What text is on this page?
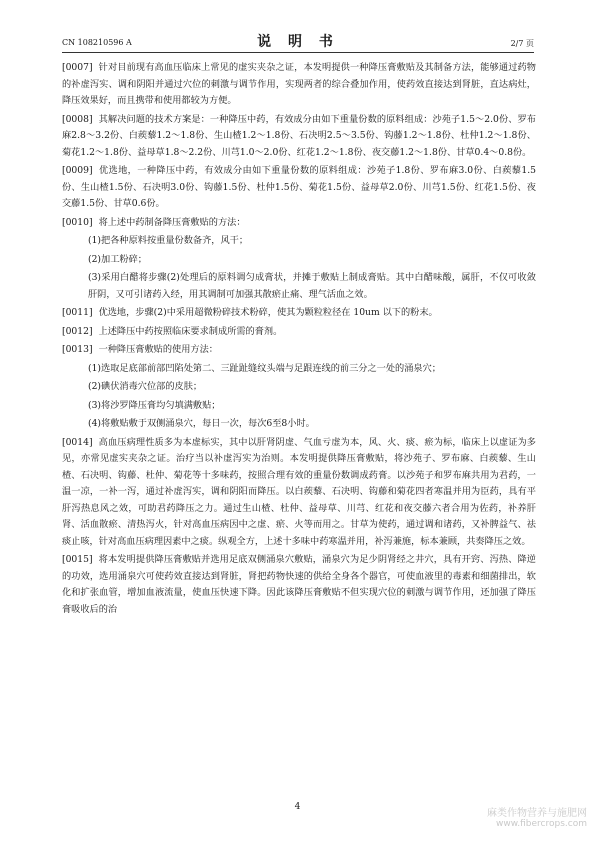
CN 108210596 A	说 明 书	2/7 页

[0007] 针对目前现有高血压临床上常见的虚实夹杂之证，本发明提供一种降压膏敷贴及其制备方法，能够通过药物的补虚泻实、调和阴阳并通过穴位的刺激与调节作用，实现两者的综合叠加作用，使药效直接达到肾脏，直达病灶，降压效果好，而且携带和使用都较为方便。

[0008] 其解决问题的技术方案是：一种降压中药，有效成分由如下重量份数的原料组成：沙苑子1.5～2.0份、罗布麻2.8～3.2份、白蒺藜1.2～1.8份、生山楂1.2～1.8份、石决明2.5～3.5份、钩藤1.2～1.8份、杜仲1.2～1.8份、菊花1.2～1.8份、益母草1.8～2.2份、川芎1.0～2.0份、红花1.2～1.8份、夜交藤1.2～1.8份、甘草0.4～0.8份。

[0009] 优选地，一种降压中药，有效成分由如下重量份数的原料组成：沙苑子1.8份、罗布麻3.0份、白蒺藜1.5份、生山楂1.5份、石决明3.0份、钩藤1.5份、杜仲1.5份、菊花1.5份、益母草2.0份、川芎1.5份、红花1.5份、夜交藤1.5份、甘草0.6份。

[0010] 将上述中药制备降压膏敷贴的方法：

(1)把各种原料按重量份数备齐，风干；

(2)加工粉碎；

(3)采用白醋将步骤(2)处理后的原料调匀成膏状，并摊于敷贴上制成膏贴。其中白醋味酸，属肝，不仅可收敛肝阴，又可引诸药入经，用其调制可加强其散瘀止痛、理气活血之效。

[0011] 优选地，步骤(2)中采用超微粉碎技术粉碎，使其为颗粒粒径在 10um 以下的粉末。

[0012] 上述降压中药按照临床要求制成所需的膏剂。

[0013] 一种降压膏敷贴的使用方法：

(1)选取足底部前部凹陷处第二、三趾趾缝纹头端与足跟连线的前三分之一处的涌泉穴；

(2)碘伏消毒穴位部的皮肤；

(3)将沙罗降压膏均匀填满敷贴；

(4)将敷贴敷于双侧涌泉穴，每日一次，每次6至8小时。

[0014] 高血压病理性质多为本虚标实，其中以肝肾阴虚、气血亏虚为本，风、火、痰、瘀为标，临床上以虚证为多见，亦常见虚实夹杂之证。治疗当以补虚泻实为治则。本发明提供降压膏敷贴，将沙苑子、罗布麻、白蒺藜、生山楂、石决明、钩藤、杜仲、菊花等十多味药，按照合理有效的重量份数调成药膏。以沙苑子和罗布麻共用为君药，一温一凉，一补一泻，通过补虚泻实，调和阴阳而降压。以白蒺藜、石决明、钩藤和菊花四者寒温并用为臣药，具有平肝泻热息风之效，可助君药降压之力。通过生山楂、杜仲、益母草、川芎、红花和夜交藤六者合用为佐药，补养肝肾、活血散瘀、清热泻火，针对高血压病因中之虚、瘀、火等而用之。甘草为使药，通过调和诸药，又补脾益气、祛痰止咳，针对高血压病理因素中之痰。纵观全方，上述十多味中药寒温并用，补泻兼施，标本兼顾，共奏降压之效。

[0015] 将本发明提供降压膏敷贴并选用足底双侧涌泉穴敷贴，涌泉穴为足少阴肾经之井穴，具有开窍、泻热、降逆的功效，选用涌泉穴可使药效直接达到肾脏，肾把药物快速的供给全身各个器官，可使血液里的毒素和细菌排出，软化和扩张血管，增加血液流量，使血压快速下降。因此该降压膏敷贴不但实现穴位的刺激与调节作用，还加强了降压膏吸收后的治

4
麻类作物营养与施肥网
www.fibercrops.com
